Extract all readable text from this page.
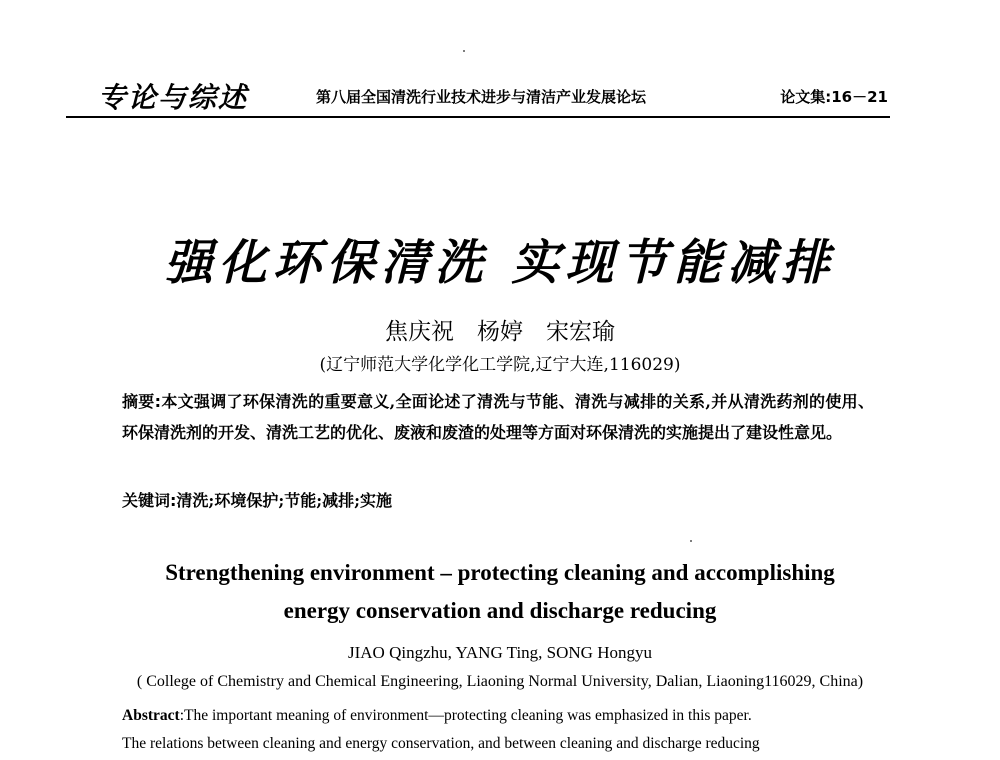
专论与综述	第八届全国清洗行业技术进步与清洁产业发展论坛	论文集:16－21
强化环保清洗 实现节能减排
焦庆祝　杨婷　宋宏瑜
(辽宁师范大学化学化工学院,辽宁大连,116029)
摘要:本文强调了环保清洗的重要意义,全面论述了清洗与节能、清洗与减排的关系,并从清洗药剂的使用、环保清洗剂的开发、清洗工艺的优化、废液和废渣的处理等方面对环保清洗的实施提出了建设性意见。
关键词:清洗;环境保护;节能;减排;实施
Strengthening environment – protecting cleaning and accomplishing
energy conservation and discharge reducing
JIAO Qingzhu, YANG Ting, SONG Hongyu
( College of Chemistry and Chemical Engineering, Liaoning Normal University, Dalian, Liaoning116029, China)
Abstract:The important meaning of environment—protecting cleaning was emphasized in this paper.
The relations between cleaning and energy conservation, and between cleaning and discharge reducing
